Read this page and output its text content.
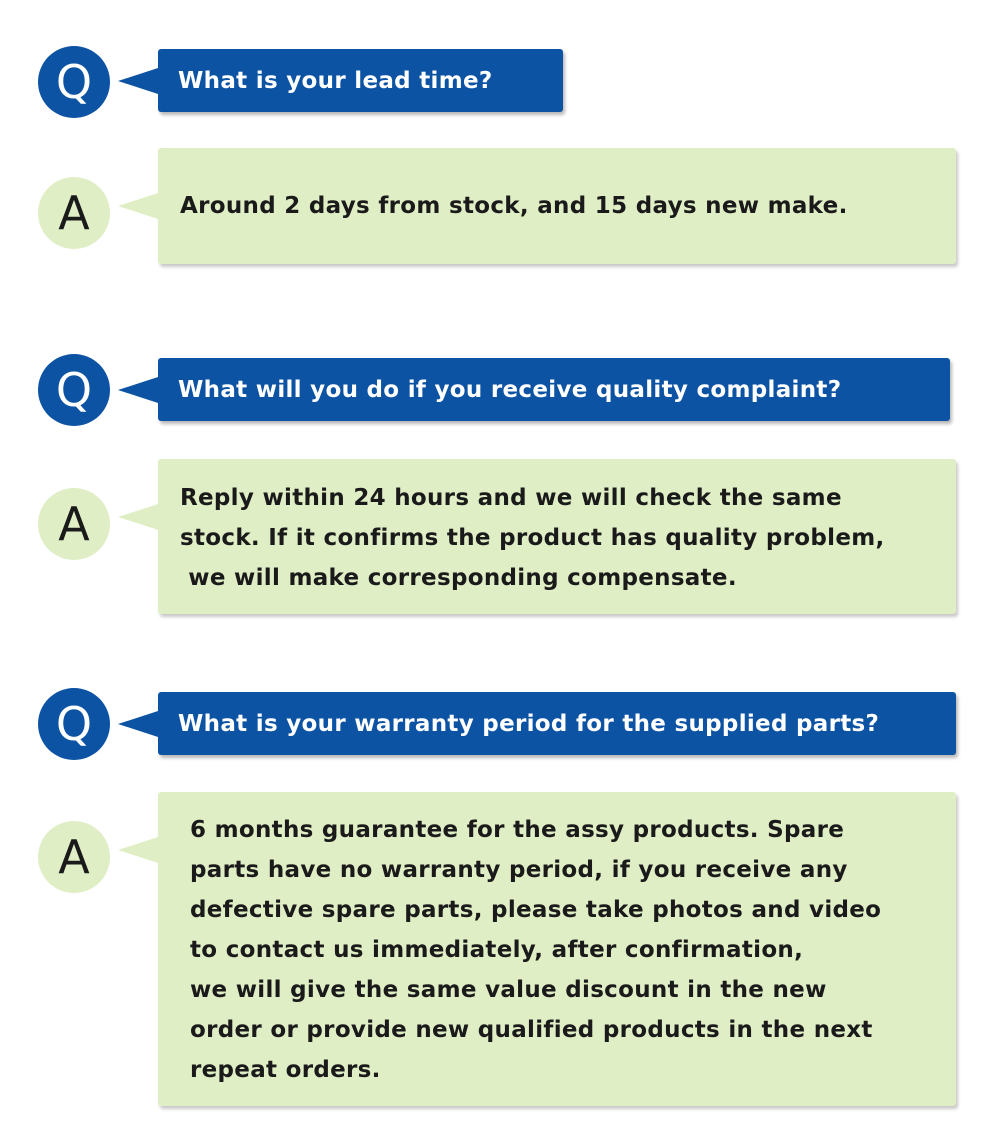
Q	What is your lead time?
A	Around 2 days from stock, and 15 days new make.
Q	What will you do if you receive quality complaint?
A	Reply within 24 hours and we will check the same
stock. If it confirms the product has quality problem,
we will make corresponding compensate.
Q	What is your warranty period for the supplied parts?
A	6 months guarantee for the assy products. Spare
parts have no warranty period, if you receive any
defective spare parts, please take photos and video
to contact us immediately, after confirmation,
we will give the same value discount in the new
order or provide new qualified products in the next
repeat orders.
